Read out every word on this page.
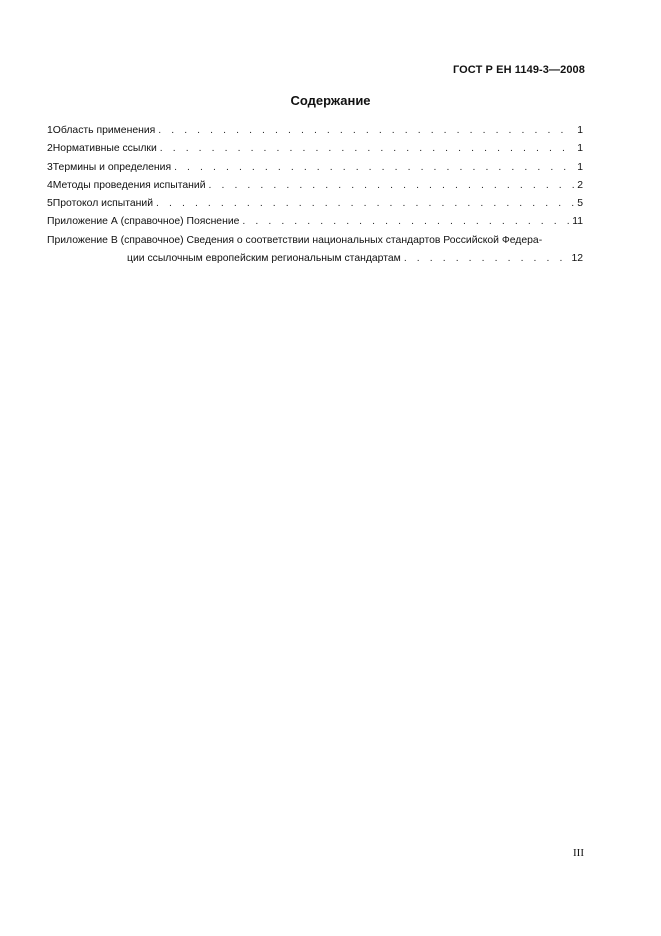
ГОСТ Р ЕН 1149-3—2008
Содержание
1 Область применения . . .	1
2 Нормативные ссылки . . .	1
3 Термины и определения . . .	1
4 Методы проведения испытаний . . .	2
5 Протокол испытаний . . .	5
Приложение А (справочное) Пояснение . . .	11
Приложение В (справочное) Сведения о соответствии национальных стандартов Российской Федера-
ции ссылочным европейским региональным стандартам . . .	12
III
